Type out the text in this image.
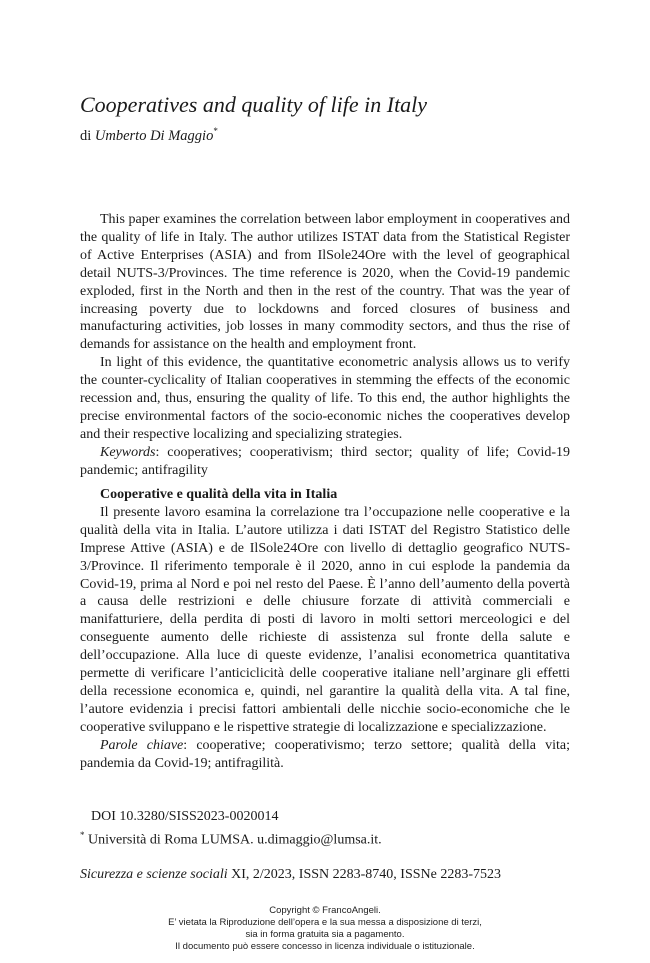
Cooperatives and quality of life in Italy
di Umberto Di Maggio*

This paper examines the correlation between labor employment in cooperatives and the quality of life in Italy. The author utilizes ISTAT data from the Statistical Register of Active Enterprises (ASIA) and from IlSole24Ore with the level of geographical detail NUTS-3/Provinces. The time reference is 2020, when the Covid-19 pandemic exploded, first in the North and then in the rest of the country. That was the year of increasing poverty due to lockdowns and forced closures of business and manufacturing activities, job losses in many commodity sectors, and thus the rise of demands for assistance on the health and employment front.

In light of this evidence, the quantitative econometric analysis allows us to verify the counter-cyclicality of Italian cooperatives in stemming the effects of the economic recession and, thus, ensuring the quality of life. To this end, the author highlights the precise environmental factors of the socio-economic niches the cooperatives develop and their respective localizing and specializing strategies.

Keywords: cooperatives; cooperativism; third sector; quality of life; Covid-19 pandemic; antifragility

Cooperative e qualità della vita in Italia

Il presente lavoro esamina la correlazione tra l’occupazione nelle cooperative e la qualità della vita in Italia. L’autore utilizza i dati ISTAT del Registro Statistico delle Imprese Attive (ASIA) e de IlSole24Ore con livello di dettaglio geografico NUTS-3/Province. Il riferimento temporale è il 2020, anno in cui esplode la pandemia da Covid-19, prima al Nord e poi nel resto del Paese. È l’anno dell’aumento della povertà a causa delle restrizioni e delle chiusure forzate di attività commerciali e manifatturiere, della perdita di posti di lavoro in molti settori merceologici e del conseguente aumento delle richieste di assistenza sul fronte della salute e dell’occupazione. Alla luce di queste evidenze, l’analisi econometrica quantitativa permette di verificare l’anticiclicità delle cooperative italiane nell’arginare gli effetti della recessione economica e, quindi, nel garantire la qualità della vita. A tal fine, l’autore evidenzia i precisi fattori ambientali delle nicchie socio-economiche che le cooperative sviluppano e le rispettive strategie di localizzazione e specializzazione.

Parole chiave: cooperative; cooperativismo; terzo settore; qualità della vita; pandemia da Covid-19; antifragilità.

DOI 10.3280/SISS2023-0020014
* Università di Roma LUMSA. u.dimaggio@lumsa.it.
Sicurezza e scienze sociali XI, 2/2023, ISSN 2283-8740, ISSNe 2283-7523
Copyright © FrancoAngeli.
E’ vietata la Riproduzione dell’opera e la sua messa a disposizione di terzi,
sia in forma gratuita sia a pagamento.
Il documento può essere concesso in licenza individuale o istituzionale.
